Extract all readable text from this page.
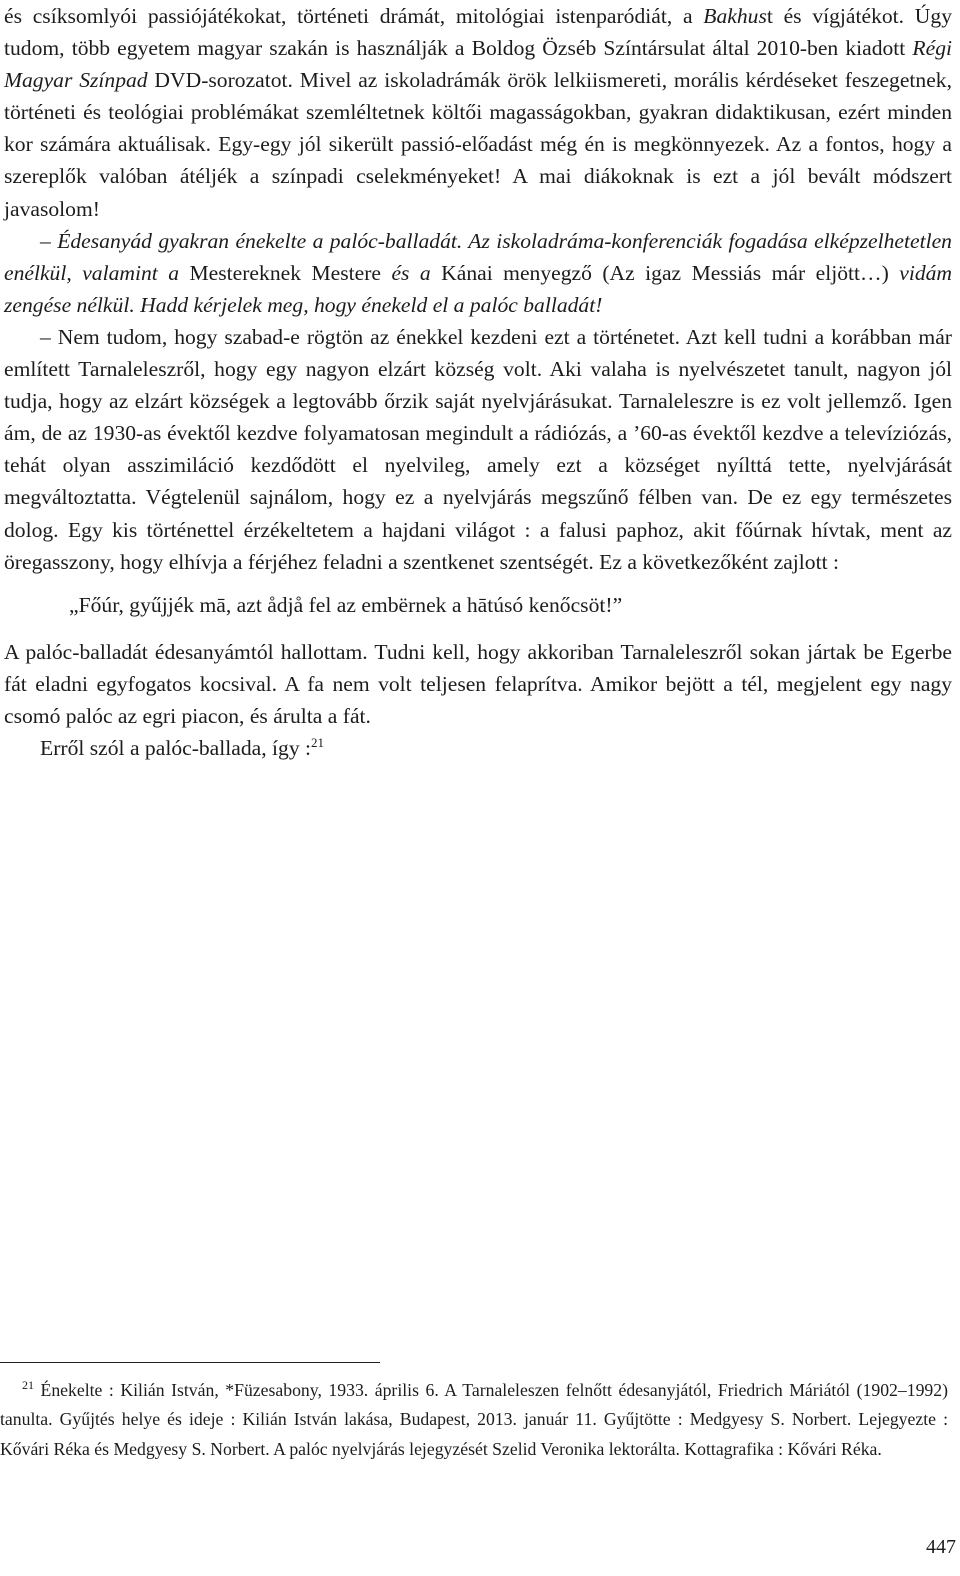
és csíksomlyói passiójátékokat, történeti drámát, mitológiai istenparódiát, a Bakhust és vígjátékot. Úgy tudom, több egyetem magyar szakán is használják a Boldog Özséb Színtársulat által 2010-ben kiadott Régi Magyar Színpad DVD-sorozatot. Mivel az iskoladrámák örök lelkiismereti, morális kérdéseket feszegetnek, történeti és teológiai problémákat szemléltetnek költői magasságokban, gyakran didaktikusan, ezért minden kor számára aktuálisak. Egy-egy jól sikerült passió-előadást még én is megkönnyezek. Az a fontos, hogy a szereplők valóban átéljék a színpadi cselekményeket! A mai diákoknak is ezt a jól bevált módszert javasolom!

– Édesanyád gyakran énekelte a palóc-balladát. Az iskoladráma-konferenciák fogadása elképzelhetetlen enélkül, valamint a Mestereknek Mestere és a Kánai menyegző (Az igaz Messiás már eljött…) vidám zengése nélkül. Hadd kérjelek meg, hogy énekeld el a palóc balladát!

– Nem tudom, hogy szabad-e rögtön az énekkel kezdeni ezt a történetet. Azt kell tudni a korábban már említett Tarnaleleszről, hogy egy nagyon elzárt község volt. Aki valaha is nyelvészetet tanult, nagyon jól tudja, hogy az elzárt községek a legtovább őrzik saját nyelvjárásukat. Tarnaleleszre is ez volt jellemző. Igen ám, de az 1930-as évektől kezdve folyamatosan megindult a rádiózás, a ’60-as évektől kezdve a televíziózás, tehát olyan asszimiláció kezdődött el nyelvileg, amely ezt a községet nyílttá tette, nyelvjárását megváltoztatta. Végtelenül sajnálom, hogy ez a nyelvjárás megszűnő félben van. De ez egy természetes dolog. Egy kis történettel érzékeltetem a hajdani világot : a falusi paphoz, akit főúrnak hívtak, ment az öregasszony, hogy elhívja a férjéhez feladni a szentkenet szentségét. Ez a következőként zajlott :

„Főúr, gyűjjék mā, azt ådjå fel az embërnek a hātúsó kenőcsöt!”

A palóc-balladát édesanyámtól hallottam. Tudni kell, hogy akkoriban Tarnaleleszről sokan jártak be Egerbe fát eladni egyfogatos kocsival. A fa nem volt teljesen felaprítva. Amikor bejött a tél, megjelent egy nagy csomó palóc az egri piacon, és árulta a fát.

Erről szól a palóc-ballada, így :$^{21}$

$^{21}$ Énekelte : Kilián István, *Füzesabony, 1933. április 6. A Tarnaleleszen felnőtt édesanyjától, Friedrich Máriától (1902–1992) tanulta. Gyűjtés helye és ideje : Kilián István lakása, Budapest, 2013. január 11. Gyűjtötte : Medgyesy S. Norbert. Lejegyezte : Kővári Réka és Medgyesy S. Norbert. A palóc nyelvjárás lejegyzését Szelid Veronika lektorálta. Kottagrafika : Kővári Réka.

447
